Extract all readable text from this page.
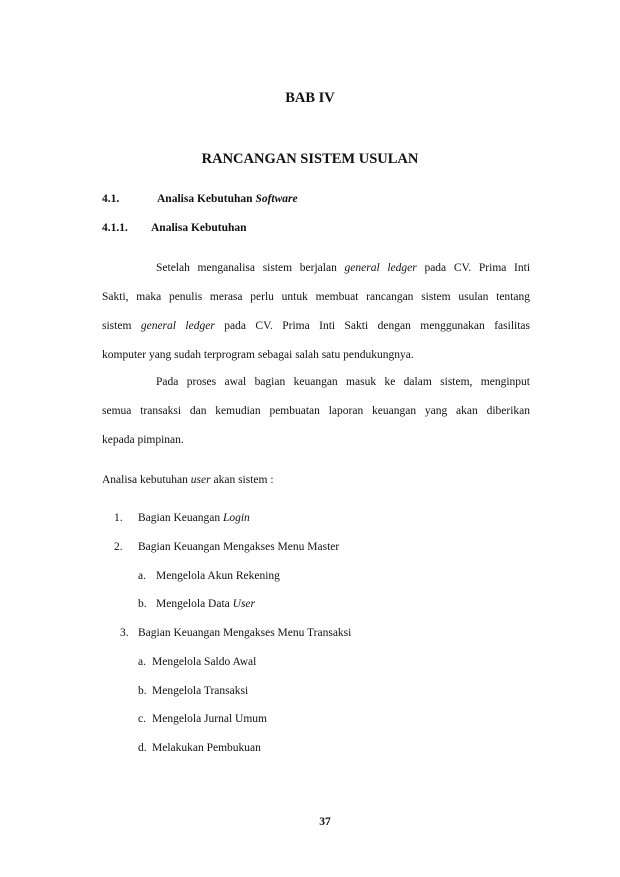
BAB IV
RANCANGAN SISTEM USULAN
4.1.	Analisa Kebutuhan Software
4.1.1. Analisa Kebutuhan
Setelah menganalisa sistem berjalan general ledger pada CV. Prima Inti
Sakti, maka penulis merasa perlu untuk membuat rancangan sistem usulan tentang
sistem general ledger pada CV. Prima Inti Sakti dengan menggunakan fasilitas
komputer yang sudah terprogram sebagai salah satu pendukungnya.
Pada proses awal bagian keuangan masuk ke dalam sistem, menginput
semua transaksi dan kemudian pembuatan laporan keuangan yang akan diberikan
kepada pimpinan.
Analisa kebutuhan user akan sistem :
1. Bagian Keuangan Login
2. Bagian Keuangan Mengakses Menu Master
a. Mengelola Akun Rekening
b. Mengelola Data User
3. Bagian Keuangan Mengakses Menu Transaksi
a. Mengelola Saldo Awal
b. Mengelola Transaksi
c. Mengelola Jurnal Umum
d. Melakukan Pembukuan
37
